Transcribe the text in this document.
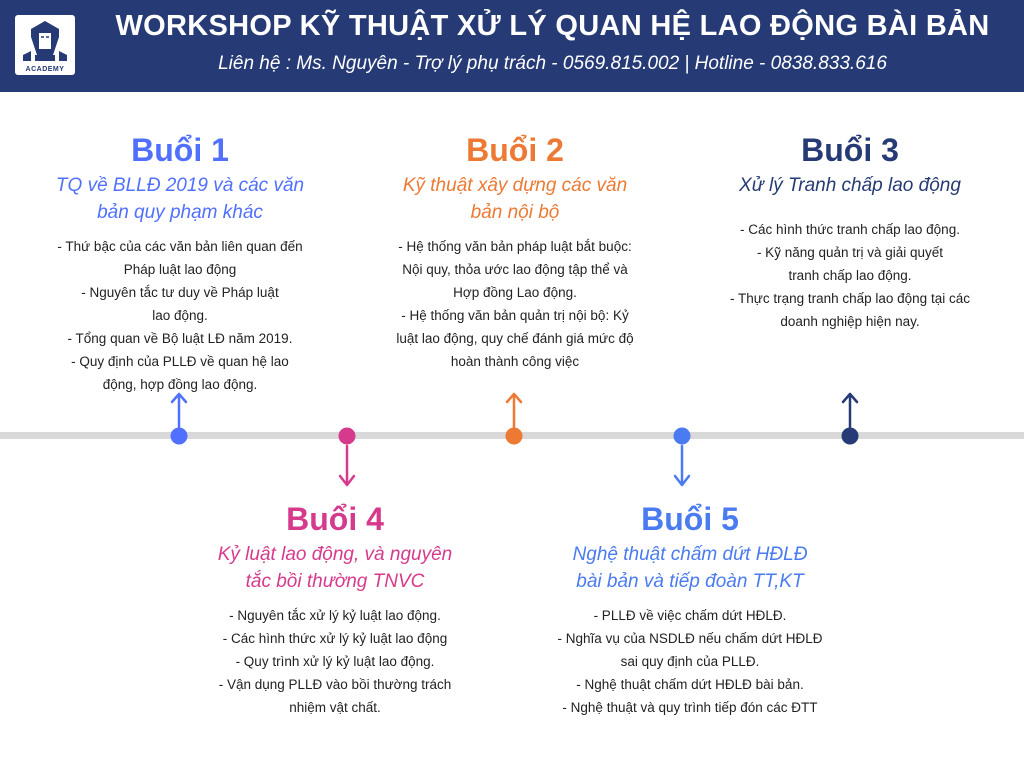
ACADEMY
WORKSHOP KỸ THUẬT XỬ LÝ QUAN HỆ LAO ĐỘNG BÀI BẢN
Liên hệ : Ms. Nguyên - Trợ lý phụ trách - 0569.815.002 | Hotline - 0838.833.616
Buổi 1
TQ về BLLĐ 2019 và các văn
bản quy phạm khác
- Thứ bậc của các văn bản liên quan đến
Pháp luật lao động
- Nguyên tắc tư duy về Pháp luật
lao động.
- Tổng quan về Bộ luật LĐ năm 2019.
- Quy định của PLLĐ về quan hệ lao
động, hợp đồng lao động.
Buổi 2
Kỹ thuật xây dựng các văn
bản nội bộ
- Hệ thống văn bản pháp luật bắt buộc:
Nội quy, thỏa ước lao động tập thể và
Hợp đồng Lao động.
- Hệ thống văn bản quản trị nội bộ: Kỷ
luật lao động, quy chế đánh giá mức độ
hoàn thành công việc
Buổi 3
Xử lý Tranh chấp lao động
- Các hình thức tranh chấp lao động.
- Kỹ năng quản trị và giải quyết
tranh chấp lao động.
- Thực trạng tranh chấp lao động tại các
doanh nghiệp hiện nay.
Buổi 4
Kỷ luật lao động, và nguyên
tắc bồi thường TNVC
- Nguyên tắc xử lý kỷ luật lao động.
- Các hình thức xử lý kỷ luật lao động
- Quy trình xử lý kỷ luật lao động.
- Vận dụng PLLĐ vào bồi thường trách
nhiệm vật chất.
Buổi 5
Nghệ thuật chấm dứt HĐLĐ
bài bản và tiếp đoàn TT,KT
- PLLĐ về việc chấm dứt HĐLĐ.
- Nghĩa vụ của NSDLĐ nếu chấm dứt HĐLĐ
sai quy định của PLLĐ.
- Nghệ thuật chấm dứt HĐLĐ bài bản.
- Nghệ thuật và quy trình tiếp đón các ĐTT
